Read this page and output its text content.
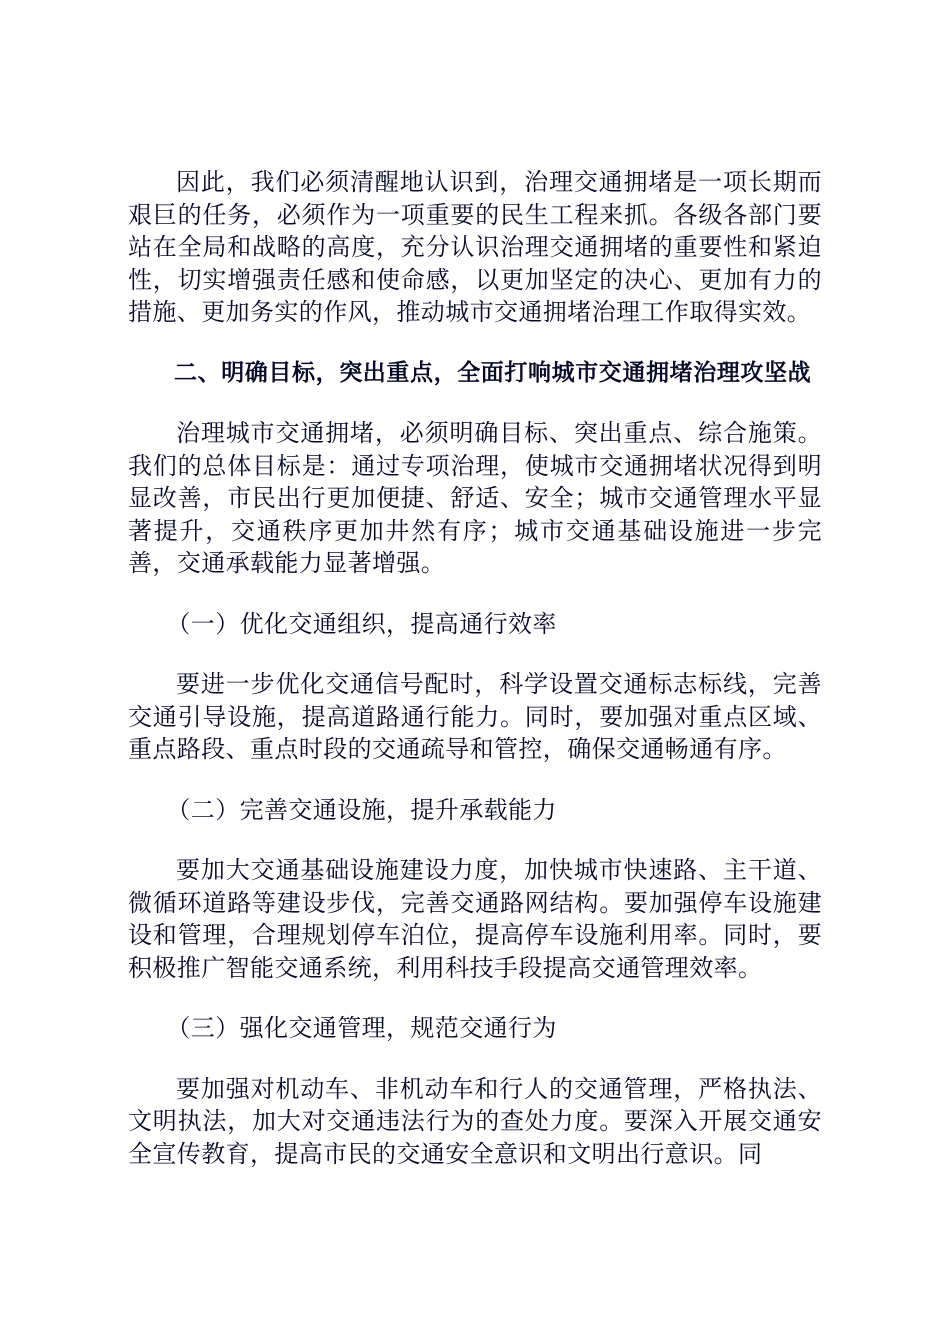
因此，我们必须清醒地认识到，治理交通拥堵是一项长期而艰巨的任务，必须作为一项重要的民生工程来抓。各级各部门要站在全局和战略的高度，充分认识治理交通拥堵的重要性和紧迫性，切实增强责任感和使命感，以更加坚定的决心、更加有力的措施、更加务实的作风，推动城市交通拥堵治理工作取得实效。

二、明确目标，突出重点，全面打响城市交通拥堵治理攻坚战

治理城市交通拥堵，必须明确目标、突出重点、综合施策。我们的总体目标是：通过专项治理，使城市交通拥堵状况得到明显改善，市民出行更加便捷、舒适、安全；城市交通管理水平显著提升，交通秩序更加井然有序；城市交通基础设施进一步完善，交通承载能力显著增强。

（一）优化交通组织，提高通行效率

要进一步优化交通信号配时，科学设置交通标志标线，完善交通引导设施，提高道路通行能力。同时，要加强对重点区域、重点路段、重点时段的交通疏导和管控，确保交通畅通有序。

（二）完善交通设施，提升承载能力

要加大交通基础设施建设力度，加快城市快速路、主干道、微循环道路等建设步伐，完善交通路网结构。要加强停车设施建设和管理，合理规划停车泊位，提高停车设施利用率。同时，要积极推广智能交通系统，利用科技手段提高交通管理效率。

（三）强化交通管理，规范交通行为

要加强对机动车、非机动车和行人的交通管理，严格执法、文明执法，加大对交通违法行为的查处力度。要深入开展交通安全宣传教育，提高市民的交通安全意识和文明出行意识。同
